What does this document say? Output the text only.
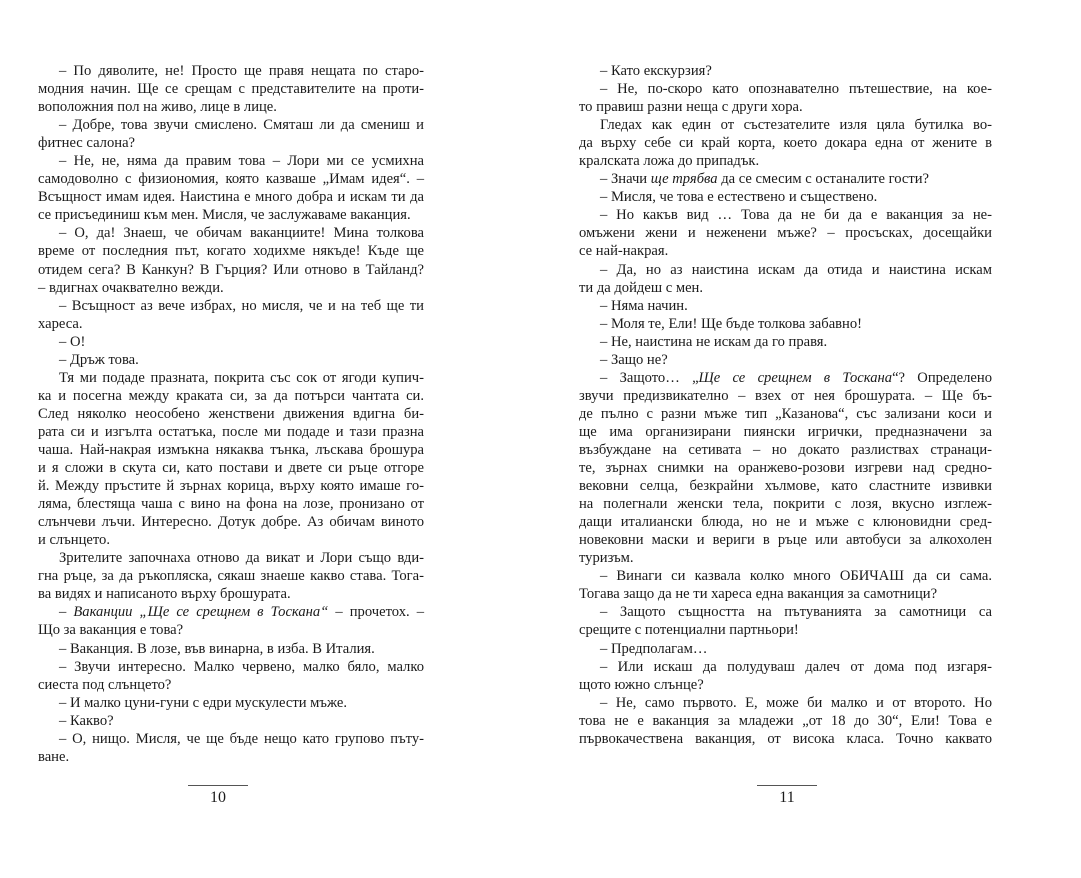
– По дяволите, не! Просто ще правя нещата по старо-
модния начин. Ще се срещам с представителите на проти-
воположния пол на живо, лице в лице.
– Добре, това звучи смислено. Смяташ ли да смениш и
фитнес салона?
– Не, не, няма да правим това – Лори ми се усмихна
самодоволно с физиономия, която казваше „Имам идея“. –
Всъщност имам идея. Наистина е много добра и искам ти да
се присъединиш към мен. Мисля, че заслужаваме ваканция.
– О, да! Знаеш, че обичам ваканциите! Мина толкова
време от последния път, когато ходихме някъде! Къде ще
отидем сега? В Канкун? В Гърция? Или отново в Тайланд?
– вдигнах очаквателно вежди.
– Всъщност аз вече избрах, но мисля, че и на теб ще ти
хареса.
– О!
– Дръж това.
Тя ми подаде празната, покрита със сок от ягоди купич-
ка и посегна между краката си, за да потърси чантата си.
След няколко неособено женствени движения вдигна би-
рата си и изгълта остатъка, после ми подаде и тази празна
чаша. Най-накрая измъкна някаква тънка, лъскава брошура
и я сложи в скута си, като постави и двете си ръце отгоре
й. Между пръстите й зърнах корица, върху която имаше го-
ляма, блестяща чаша с вино на фона на лозе, пронизано от
слънчеви лъчи. Интересно. Дотук добре. Аз обичам виното
и слънцето.
Зрителите започнаха отново да викат и Лори също вди-
гна ръце, за да ръкопляска, сякаш знаеше какво става. Тога-
ва видях и написаното върху брошурата.
– Ваканции „Ще се срещнем в Тоскана“ – прочетох. –
Що за ваканция е това?
– Ваканция. В лозе, във винарна, в изба. В Италия.
– Звучи интересно. Малко червено, малко бяло, малко
сиеста под слънцето?
– И малко цуни-гуни с едри мускулести мъже.
– Какво?
– О, нищо. Мисля, че ще бъде нещо като групово пъту-
ване.
10
– Като екскурзия?
– Не, по-скоро като опознавателно пътешествие, на кое-
то правиш разни неща с други хора.
Гледах как един от състезателите изля цяла бутилка во-
да върху себе си край корта, което докара една от жените в
кралската ложа до припадък.
– Значи ще трябва да се смесим с останалите гости?
– Мисля, че това е естествено и съществено.
– Но какъв вид … Това да не би да е ваканция за не-
омъжени жени и неженени мъже? – просъсках, досещайки
се най-накрая.
– Да, но аз наистина искам да отида и наистина искам
ти да дойдеш с мен.
– Няма начин.
– Моля те, Ели! Ще бъде толкова забавно!
– Не, наистина не искам да го правя.
– Защо не?
– Защото… „Ще се срещнем в Тоскана“? Определено
звучи предизвикателно – взех от нея брошурата. – Ще бъ-
де пълно с разни мъже тип „Казанова“, със зализани коси и
ще има организирани пиянски игрички, предназначени за
възбуждане на сетивата – но докато разлиствах странаци-
те, зърнах снимки на оранжево-розови изгреви над средно-
вековни селца, безкрайни хълмове, като сластните извивки
на полегнали женски тела, покрити с лозя, вкусно изглеж-
дащи италиански блюда, но не и мъже с клюновидни сред-
новековни маски и вериги в ръце или автобуси за алкохолен
туризъм.
– Винаги си казвала колко много ОБИЧАШ да си сама.
Тогава защо да не ти хареса една ваканция за самотници?
– Защото същността на пътуванията за самотници са
срещите с потенциални партньори!
– Предполагам…
– Или искаш да полудуваш далеч от дома под изгаря-
щото южно слънце?
– Не, само първото. Е, може би малко и от второто. Но
това не е ваканция за младежи „от 18 до 30“, Ели! Това е
първокачествена ваканция, от висока класа. Точно каквато
11
